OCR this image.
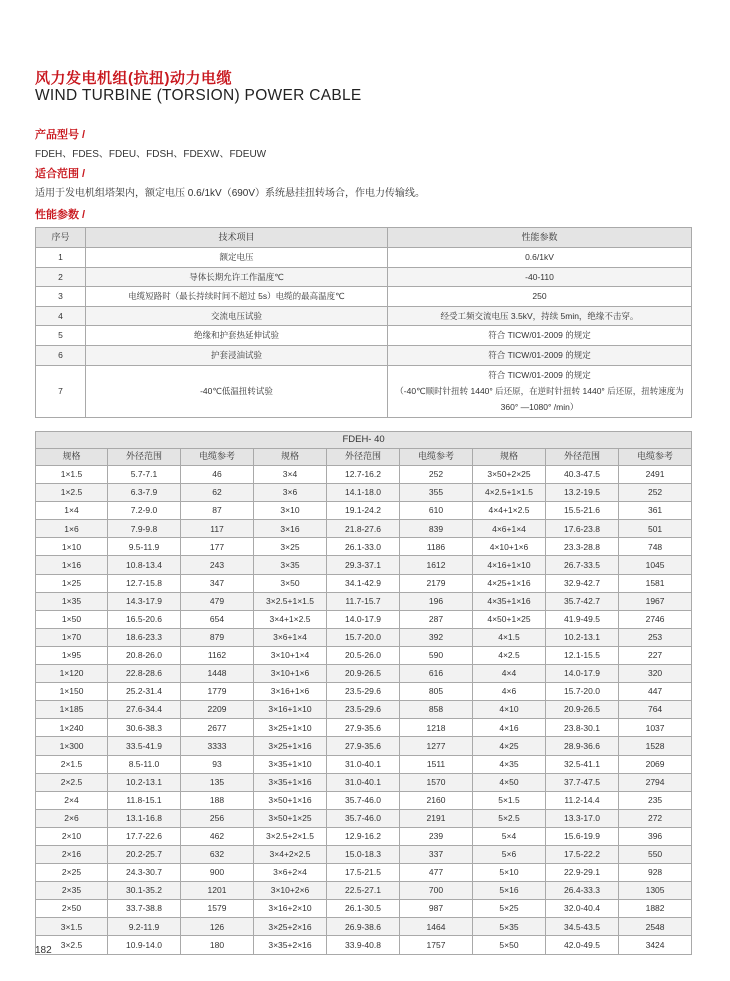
风力发电机组(抗扭)动力电缆
WIND TURBINE (TORSION) POWER CABLE
产品型号 /
FDEH、FDES、FDEU、FDSH、FDEXW、FDEUW
适合范围 /
适用于发电机组塔架内，额定电压 0.6/1kV（690V）系统悬挂扭转场合，作电力传输线。
性能参数 /
序号	技术项目	性能参数
1	额定电压	0.6/1kV
2	导体长期允许工作温度℃	-40-110
3	电缆短路时（最长持续时间不超过 5s）电缆的最高温度℃	250
4	交流电压试验	经受工频交流电压 3.5kV，持续 5min，绝缘不击穿。
5	绝缘和护套热延伸试验	符合 TICW/01-2009 的规定
6	护套浸油试验	符合 TICW/01-2009 的规定
7	-40℃低温扭转试验	符合 TICW/01-2009 的规定
（-40℃顺时针扭转 1440° 后还原，在逆时针扭转 1440° 后还原，扭转速度为
360° —1080° /min）
FDEH- 40								
规格	外径范围	电缆参考	规格	外径范围	电缆参考	规格	外径范围	电缆参考
1×1.5	5.7-7.1	46	3×4	12.7-16.2	252	3×50+2×25	40.3-47.5	2491
1×2.5	6.3-7.9	62	3×6	14.1-18.0	355	4×2.5+1×1.5	13.2-19.5	252
1×4	7.2-9.0	87	3×10	19.1-24.2	610	4×4+1×2.5	15.5-21.6	361
1×6	7.9-9.8	117	3×16	21.8-27.6	839	4×6+1×4	17.6-23.8	501
1×10	9.5-11.9	177	3×25	26.1-33.0	1186	4×10+1×6	23.3-28.8	748
1×16	10.8-13.4	243	3×35	29.3-37.1	1612	4×16+1×10	26.7-33.5	1045
1×25	12.7-15.8	347	3×50	34.1-42.9	2179	4×25+1×16	32.9-42.7	1581
1×35	14.3-17.9	479	3×2.5+1×1.5	11.7-15.7	196	4×35+1×16	35.7-42.7	1967
1×50	16.5-20.6	654	3×4+1×2.5	14.0-17.9	287	4×50+1×25	41.9-49.5	2746
1×70	18.6-23.3	879	3×6+1×4	15.7-20.0	392	4×1.5	10.2-13.1	253
1×95	20.8-26.0	1162	3×10+1×4	20.5-26.0	590	4×2.5	12.1-15.5	227
1×120	22.8-28.6	1448	3×10+1×6	20.9-26.5	616	4×4	14.0-17.9	320
1×150	25.2-31.4	1779	3×16+1×6	23.5-29.6	805	4×6	15.7-20.0	447
1×185	27.6-34.4	2209	3×16+1×10	23.5-29.6	858	4×10	20.9-26.5	764
1×240	30.6-38.3	2677	3×25+1×10	27.9-35.6	1218	4×16	23.8-30.1	1037
1×300	33.5-41.9	3333	3×25+1×16	27.9-35.6	1277	4×25	28.9-36.6	1528
2×1.5	8.5-11.0	93	3×35+1×10	31.0-40.1	1511	4×35	32.5-41.1	2069
2×2.5	10.2-13.1	135	3×35+1×16	31.0-40.1	1570	4×50	37.7-47.5	2794
2×4	11.8-15.1	188	3×50+1×16	35.7-46.0	2160	5×1.5	11.2-14.4	235
2×6	13.1-16.8	256	3×50+1×25	35.7-46.0	2191	5×2.5	13.3-17.0	272
2×10	17.7-22.6	462	3×2.5+2×1.5	12.9-16.2	239	5×4	15.6-19.9	396
2×16	20.2-25.7	632	3×4+2×2.5	15.0-18.3	337	5×6	17.5-22.2	550
2×25	24.3-30.7	900	3×6+2×4	17.5-21.5	477	5×10	22.9-29.1	928
2×35	30.1-35.2	1201	3×10+2×6	22.5-27.1	700	5×16	26.4-33.3	1305
2×50	33.7-38.8	1579	3×16+2×10	26.1-30.5	987	5×25	32.0-40.4	1882
3×1.5	9.2-11.9	126	3×25+2×16	26.9-38.6	1464	5×35	34.5-43.5	2548
3×2.5	10.9-14.0	180	3×35+2×16	33.9-40.8	1757	5×50	42.0-49.5	3424
182
